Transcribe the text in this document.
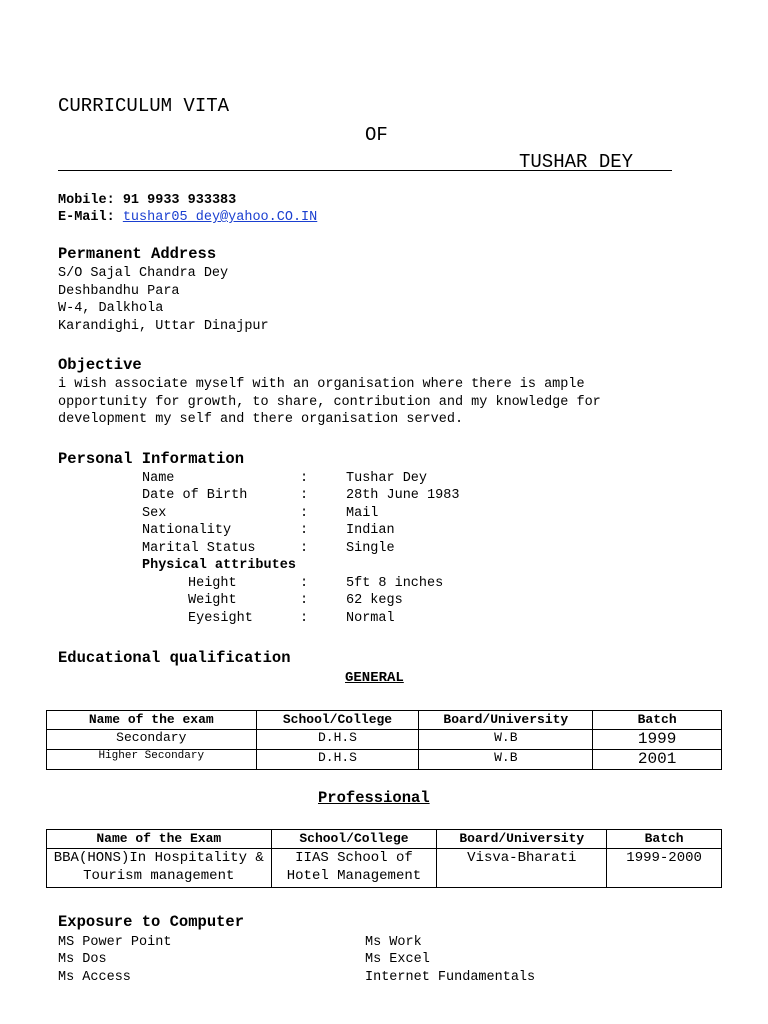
CURRICULUM VITA
OF
TUSHAR DEY
Mobile: 91 9933 933383
E-Mail: tushar05_dey@yahoo.CO.IN
Permanent Address
S/O Sajal Chandra Dey
Deshbandhu Para
W-4, Dalkhola
Karandighi, Uttar Dinajpur
Objective
i wish associate myself with an organisation where there is ample
opportunity for growth, to share, contribution and my knowledge for
development my self and there organisation served.
Personal Information
Name	:	Tushar Dey
Date of Birth	:	28th June 1983
Sex	:	Mail
Nationality	:	Indian
Marital Status	:	Single
Physical attributes
Height	:	5ft 8 inches
Weight	:	62 kegs
Eyesight	:	Normal
Educational qualification
GENERAL
Name of the exam	School/College	Board/University	Batch
Secondary	D.H.S	W.B	1999
Higher Secondary	D.H.S	W.B	2001
Professional
Name of the Exam	School/College	Board/University	Batch
BBA(HONS)In Hospitality & Tourism management	IIAS School of Hotel Management	Visva-Bharati	1999-2000
Exposure to Computer
MS Power Point
Ms Dos
Ms Access
Ms Work
Ms Excel
Internet Fundamentals
